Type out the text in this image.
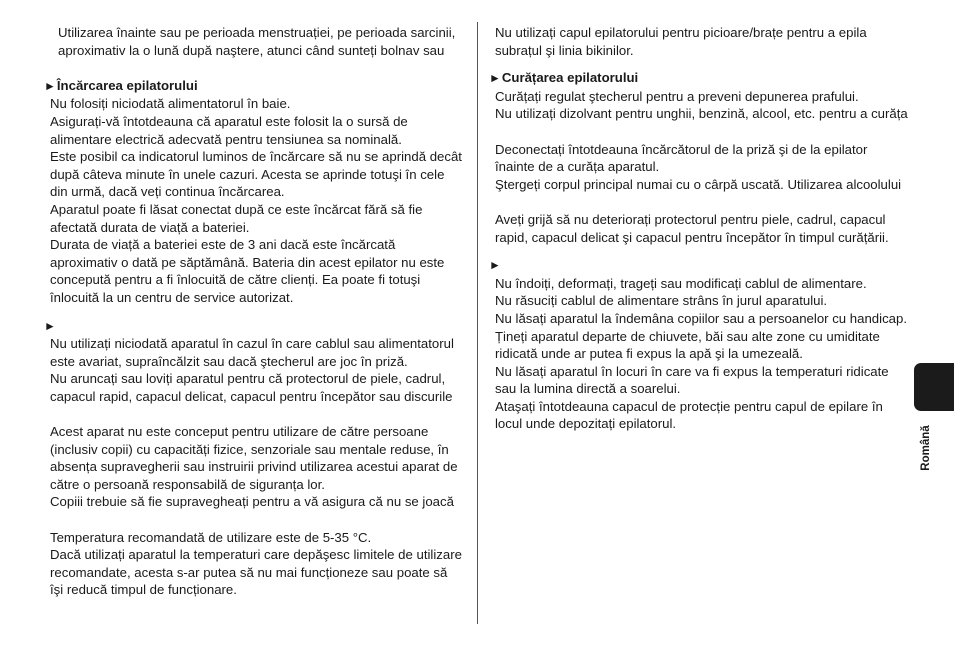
Utilizarea înainte sau pe perioada menstruației, pe perioada sarcinii,
aproximativ la o lună după naştere, atunci când sunteți bolnav sau
►Încărcarea epilatorului
Nu folosiți niciodată alimentatorul în baie.
Asigurați-vă întotdeauna că aparatul este folosit la o sursă de
alimentare electrică adecvată pentru tensiunea sa nominală.
Este posibil ca indicatorul luminos de încărcare să nu se aprindă decât
după câteva minute în unele cazuri. Acesta se aprinde totuşi în cele
din urmă, dacă veți continua încărcarea.
Aparatul poate fi lăsat conectat după ce este încărcat fără să fie
afectată durata de viață a bateriei.
Durata de viață a bateriei este de 3 ani dacă este încărcată
aproximativ o dată pe săptămână. Bateria din acest epilator nu este
concepută pentru a fi înlocuită de către clienți. Ea poate fi totuşi
înlocuită la un centru de service autorizat.
►
Nu utilizați niciodată aparatul în cazul în care cablul sau alimentatorul
este avariat, supraîncălzit sau dacă ştecherul are joc în priză.
Nu aruncați sau loviți aparatul pentru că protectorul de piele, cadrul,
capacul rapid, capacul delicat, capacul pentru începător sau discurile
Acest aparat nu este conceput pentru utilizare de către persoane
(inclusiv copii) cu capacități fizice, senzoriale sau mentale reduse, în
absența supravegherii sau instruirii privind utilizarea acestui aparat de
către o persoană responsabilă de siguranța lor.
Copiii trebuie să fie supravegheați pentru a vă asigura că nu se joacă
Temperatura recomandată de utilizare este de 5-35 °C.
Dacă utilizați aparatul la temperaturi care depăşesc limitele de utilizare
recomandate, acesta s-ar putea să nu mai funcționeze sau poate să
îşi reducă timpul de funcționare.
Nu utilizați capul epilatorului pentru picioare/brațe pentru a epila
subrațul şi linia bikinilor.
►Curățarea epilatorului
Curățați regulat ştecherul pentru a preveni depunerea prafului.
Nu utilizați dizolvant pentru unghii, benzină, alcool, etc. pentru a curăța
Deconectați întotdeauna încărcătorul de la priză şi de la epilator
înainte de a curăța aparatul.
Ştergeți corpul principal numai cu o cârpă uscată. Utilizarea alcoolului
Aveți grijă să nu deteriorați protectorul pentru piele, cadrul, capacul
rapid, capacul delicat şi capacul pentru începător în timpul curățării.
►
Nu îndoiți, deformați, trageți sau modificați cablul de alimentare.
Nu răsuciți cablul de alimentare strâns în jurul aparatului.
Nu lăsați aparatul la îndemâna copiilor sau a persoanelor cu handicap.
Țineți aparatul departe de chiuvete, băi sau alte zone cu umiditate
ridicată unde ar putea fi expus la apă şi la umezeală.
Nu lăsați aparatul în locuri în care va fi expus la temperaturi ridicate
sau la lumina directă a soarelui.
Ataşați întotdeauna capacul de protecție pentru capul de epilare în
locul unde depozitați epilatorul.
Română
